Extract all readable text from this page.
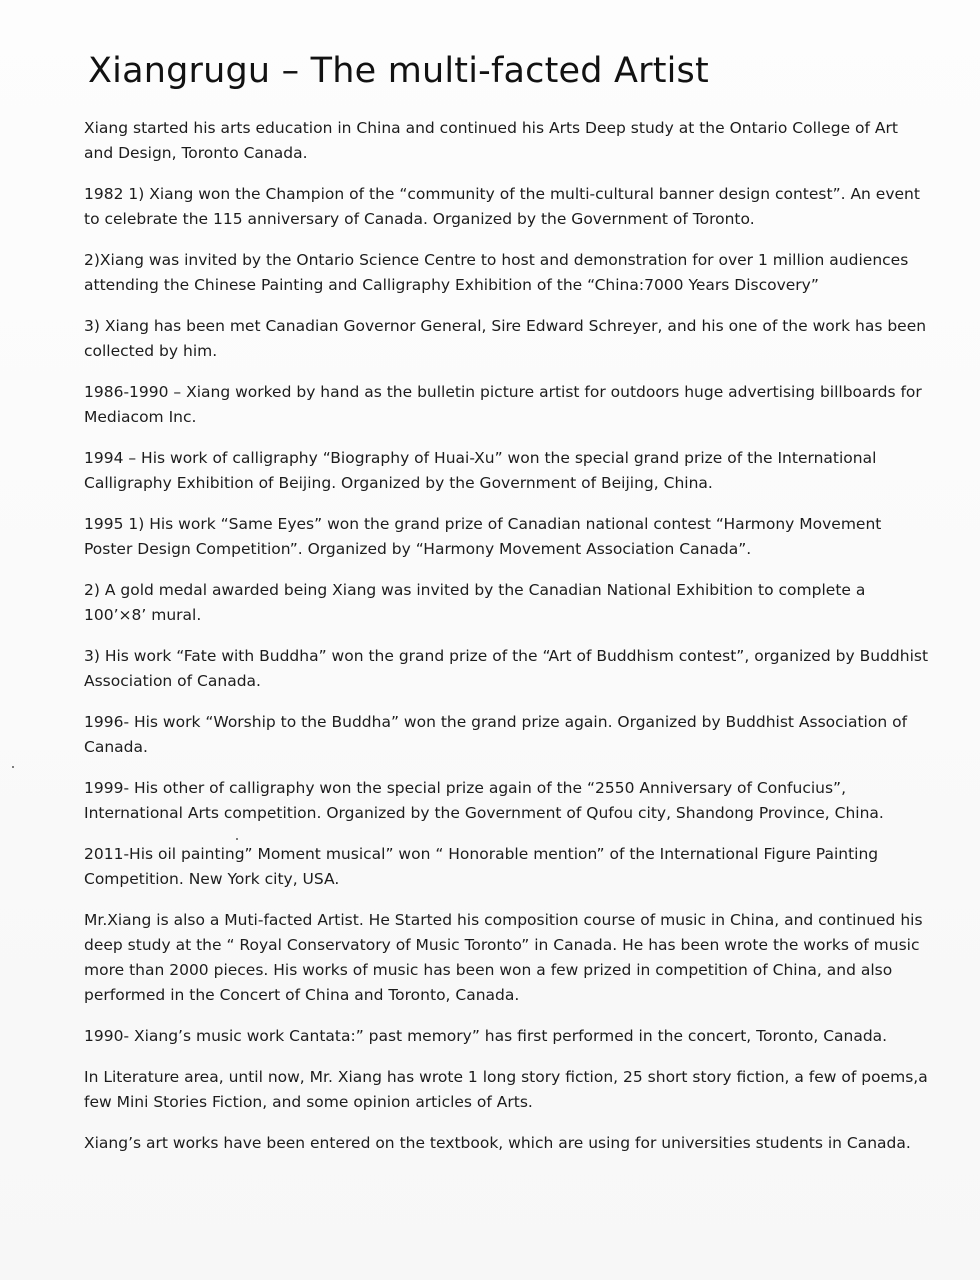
Xiangrugu – The multi-facted Artist

Xiang started his arts education in China and continued his Arts Deep study at the Ontario College of Art and Design, Toronto Canada.

1982 1) Xiang won the Champion of the “community of the multi-cultural banner design contest”. An event to celebrate the 115 anniversary of Canada. Organized by the Government of Toronto.

2)Xiang was invited by the Ontario Science Centre to host and demonstration for over 1 million audiences attending the Chinese Painting and Calligraphy Exhibition of the “China:7000 Years Discovery”

3) Xiang has been met Canadian Governor General, Sire Edward Schreyer, and his one of the work has been collected by him.

1986-1990 – Xiang worked by hand as the bulletin picture artist for outdoors huge advertising billboards for Mediacom Inc.

1994 – His work of calligraphy “Biography of Huai-Xu” won the special grand prize of the International Calligraphy Exhibition of Beijing. Organized by the Government of Beijing, China.

1995 1) His work “Same Eyes” won the grand prize of Canadian national contest “Harmony Movement Poster Design Competition”. Organized by “Harmony Movement Association Canada”.

2) A gold medal awarded being Xiang was invited by the Canadian National Exhibition to complete a 100’×8’ mural.

3) His work “Fate with Buddha” won the grand prize of the “Art of Buddhism contest”, organized by Buddhist Association of Canada.

1996- His work “Worship to the Buddha” won the grand prize again. Organized by Buddhist Association of Canada.

1999- His other of calligraphy won the special prize again of the “2550 Anniversary of Confucius”, International Arts competition. Organized by the Government of Qufou city, Shandong Province, China.

2011-His oil painting” Moment musical” won “ Honorable mention” of the International Figure Painting Competition. New York city, USA.

Mr.Xiang is also a Muti-facted Artist. He Started his composition course of music in China, and continued his deep study at the “ Royal Conservatory of Music Toronto” in Canada. He has been wrote the works of music more than 2000 pieces. His works of music has been won a few prized in competition of China, and also performed in the Concert of China and Toronto, Canada.

1990- Xiang’s music work Cantata:” past memory” has first performed in the concert, Toronto, Canada.

In Literature area, until now, Mr. Xiang has wrote 1 long story fiction, 25 short story fiction, a few of poems,a few Mini Stories Fiction, and some opinion articles of Arts.

Xiang’s art works have been entered on the textbook, which are using for universities students in Canada.
